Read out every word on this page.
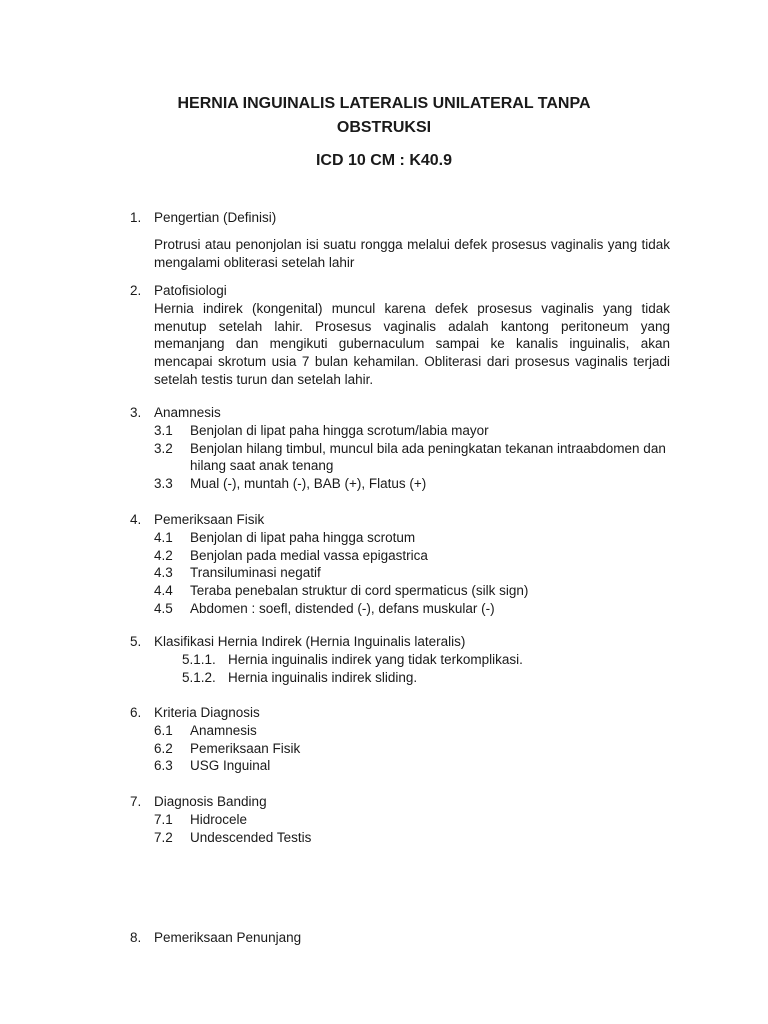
HERNIA INGUINALIS LATERALIS UNILATERAL TANPA
OBSTRUKSI
ICD 10 CM : K40.9
1. Pengertian (Definisi)
Protrusi atau penonjolan isi suatu rongga melalui defek prosesus vaginalis yang tidak mengalami obliterasi setelah lahir
2. Patofisiologi
Hernia indirek (kongenital) muncul karena defek prosesus vaginalis yang tidak menutup setelah lahir. Prosesus vaginalis adalah kantong peritoneum yang memanjang dan mengikuti gubernaculum sampai ke kanalis inguinalis, akan mencapai skrotum usia 7 bulan kehamilan. Obliterasi dari prosesus vaginalis terjadi setelah testis turun dan setelah lahir.
3. Anamnesis
3.1 Benjolan di lipat paha hingga scrotum/labia mayor
3.2 Benjolan hilang timbul, muncul bila ada peningkatan tekanan intraabdomen dan hilang saat anak tenang
3.3 Mual (-), muntah (-), BAB (+), Flatus (+)
4. Pemeriksaan Fisik
4.1 Benjolan di lipat paha hingga scrotum
4.2 Benjolan pada medial vassa epigastrica
4.3 Transiluminasi negatif
4.4 Teraba penebalan struktur di cord spermaticus (silk sign)
4.5 Abdomen : soefl, distended (-), defans muskular (-)
5. Klasifikasi Hernia Indirek (Hernia Inguinalis lateralis)
5.1.1. Hernia inguinalis indirek yang tidak terkomplikasi.
5.1.2. Hernia inguinalis indirek sliding.
6. Kriteria Diagnosis
6.1 Anamnesis
6.2 Pemeriksaan Fisik
6.3 USG Inguinal
7. Diagnosis Banding
7.1 Hidrocele
7.2 Undescended Testis
8. Pemeriksaan Penunjang
